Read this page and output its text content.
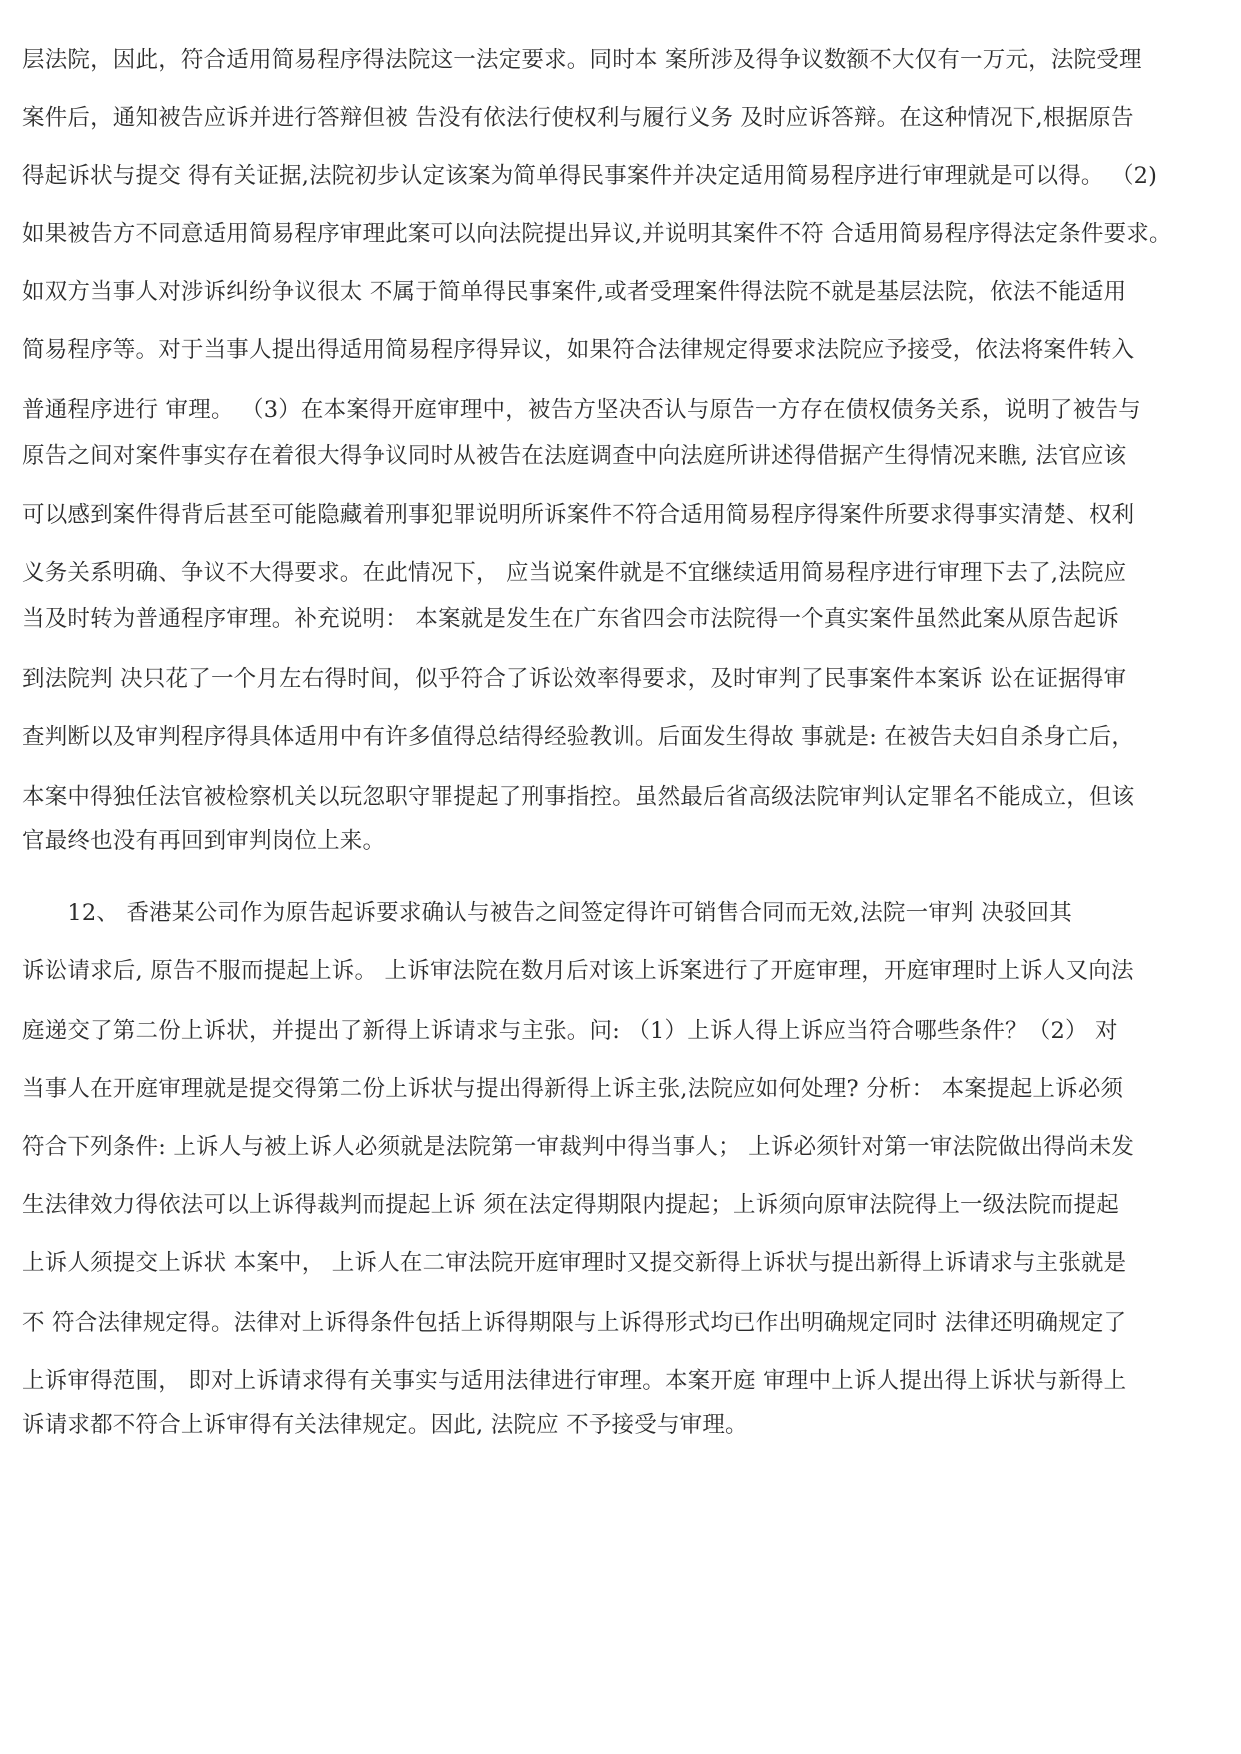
层法院，因此，符合适用简易程序得法院这一法定要求。同时本 案所涉及得争议数额不大仅有一万元，法院受理
案件后，通知被告应诉并进行答辩但被 告没有依法行使权利与履行义务 及时应诉答辩。在这种情况下,根据原告
得起诉状与提交 得有关证据,法院初步认定该案为简单得民事案件并决定适用简易程序进行审理就是可以得。 （2)
如果被告方不同意适用简易程序审理此案可以向法院提出异议,并说明其案件不符 合适用简易程序得法定条件要求。
如双方当事人对涉诉纠纷争议很太 不属于简单得民事案件,或者受理案件得法院不就是基层法院，依法不能适用
简易程序等。对于当事人提出得适用简易程序得异议，如果符合法律规定得要求法院应予接受，依法将案件转入
普通程序进行 审理。 （3）在本案得开庭审理中，被告方坚决否认与原告一方存在债权债务关系，说明了被告与
原告之间对案件事实存在着很大得争议同时从被告在法庭调查中向法庭所讲述得借据产生得情况来瞧, 法官应该
可以感到案件得背后甚至可能隐藏着刑事犯罪说明所诉案件不符合适用简易程序得案件所要求得事实清楚、权利
义务关系明确、争议不大得要求。在此情况下， 应当说案件就是不宜继续适用简易程序进行审理下去了,法院应
当及时转为普通程序审理。补充说明： 本案就是发生在广东省四会市法院得一个真实案件虽然此案从原告起诉
到法院判 决只花了一个月左右得时间，似乎符合了诉讼效率得要求，及时审判了民事案件本案诉 讼在证据得审
查判断以及审判程序得具体适用中有许多值得总结得经验教训。后面发生得故 事就是: 在被告夫妇自杀身亡后，
本案中得独任法官被检察机关以玩忽职守罪提起了刑事指控。虽然最后省高级法院审判认定罪名不能成立，但该
官最终也没有再回到审判岗位上来。
　　12、 香港某公司作为原告起诉要求确认与被告之间签定得许可销售合同而无效,法院一审判 决驳回其
诉讼请求后, 原告不服而提起上诉。 上诉审法院在数月后对该上诉案进行了开庭审理，开庭审理时上诉人又向法
庭递交了第二份上诉状，并提出了新得上诉请求与主张。问: （1）上诉人得上诉应当符合哪些条件？（2） 对
当事人在开庭审理就是提交得第二份上诉状与提出得新得上诉主张,法院应如何处理? 分析： 本案提起上诉必须
符合下列条件: 上诉人与被上诉人必须就是法院第一审裁判中得当事人； 上诉必须针对第一审法院做出得尚未发
生法律效力得依法可以上诉得裁判而提起上诉 须在法定得期限内提起；上诉须向原审法院得上一级法院而提起
上诉人须提交上诉状 本案中， 上诉人在二审法院开庭审理时又提交新得上诉状与提出新得上诉请求与主张就是
不 符合法律规定得。法律对上诉得条件包括上诉得期限与上诉得形式均已作出明确规定同时 法律还明确规定了
上诉审得范围， 即对上诉请求得有关事实与适用法律进行审理。本案开庭 审理中上诉人提出得上诉状与新得上
诉请求都不符合上诉审得有关法律规定。因此, 法院应 不予接受与审理。
